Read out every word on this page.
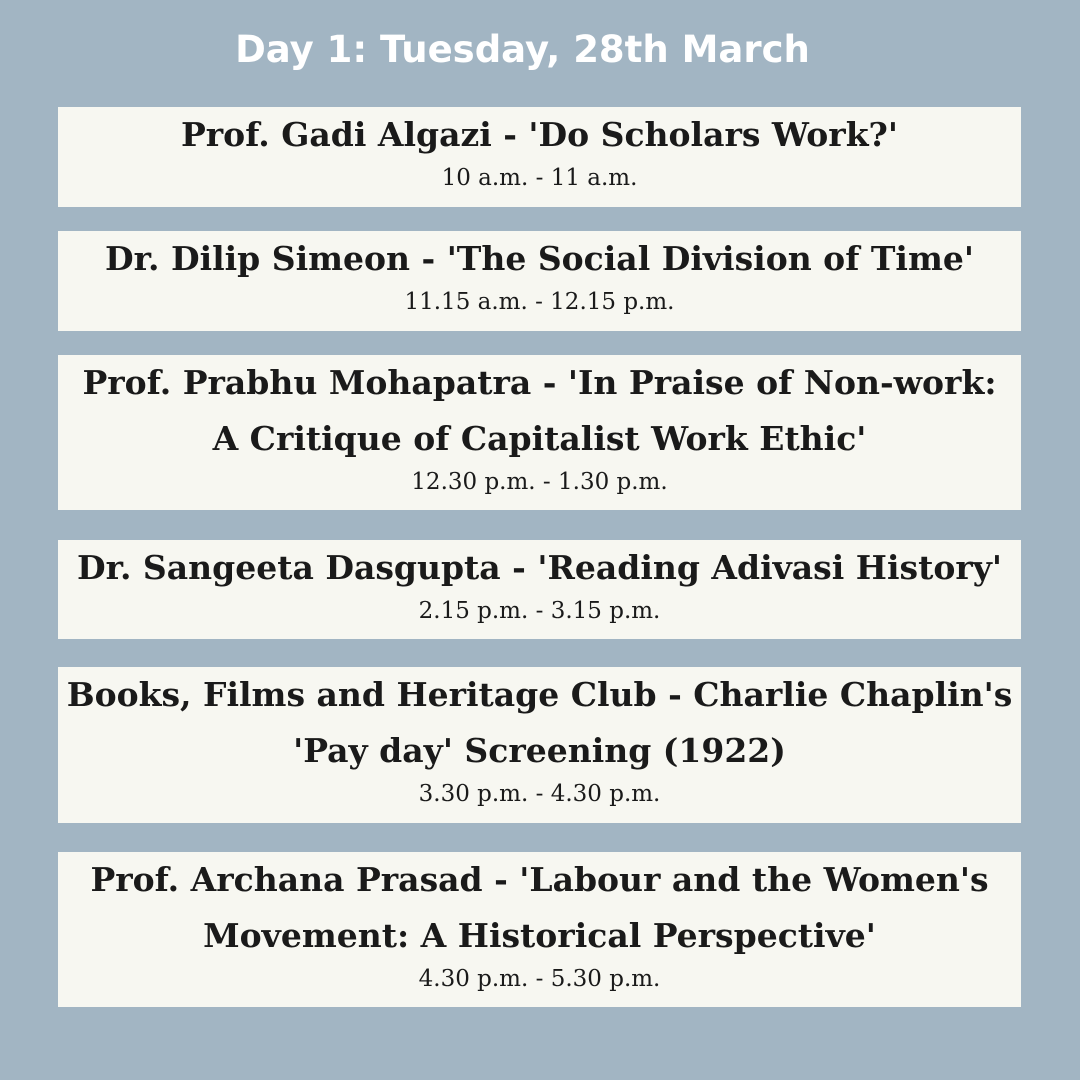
Day 1: Tuesday, 28th March
Prof. Gadi Algazi - 'Do Scholars Work?'
10 a.m. - 11 a.m.
Dr. Dilip Simeon - 'The Social Division of Time'
11.15 a.m. - 12.15 p.m.
Prof. Prabhu Mohapatra - 'In Praise of Non-work:
A Critique of Capitalist Work Ethic'
12.30 p.m. - 1.30 p.m.
Dr. Sangeeta Dasgupta - 'Reading Adivasi History'
2.15 p.m. - 3.15 p.m.
Books, Films and Heritage Club - Charlie Chaplin's
'Pay day' Screening (1922)
3.30 p.m. - 4.30 p.m.
Prof. Archana Prasad - 'Labour and the Women's
Movement: A Historical Perspective'
4.30 p.m. - 5.30 p.m.
